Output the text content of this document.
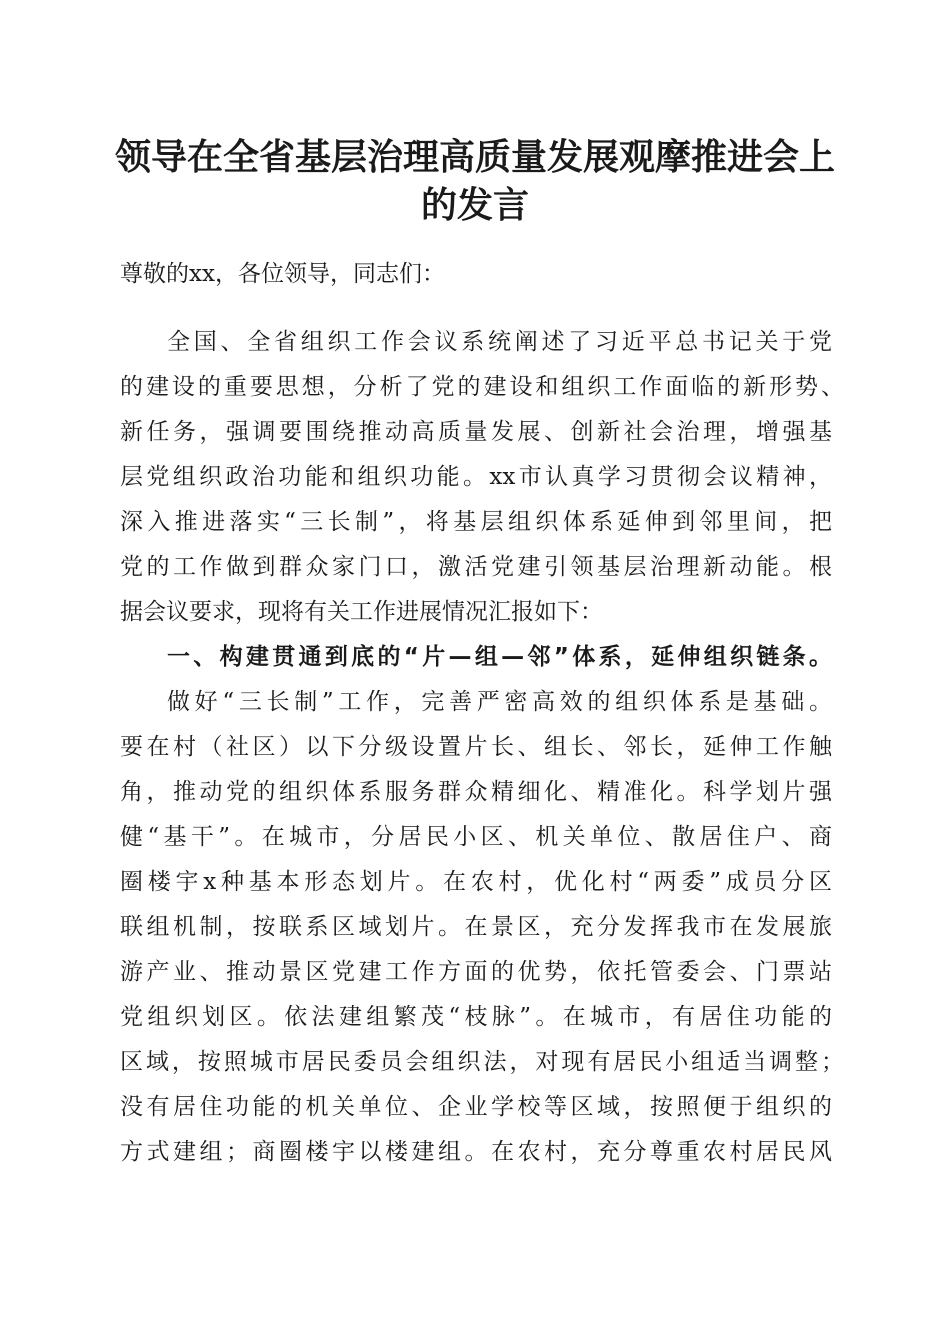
领导在全省基层治理高质量发展观摩推进会上
的发言
尊敬的xx，各位领导，同志们：
全国、全省组织工作会议系统阐述了习近平总书记关于党
的建设的重要思想，分析了党的建设和组织工作面临的新形势、
新任务，强调要围绕推动高质量发展、创新社会治理，增强基
层党组织政治功能和组织功能。xx市认真学习贯彻会议精神，
深入推进落实“三长制”，将基层组织体系延伸到邻里间，把
党的工作做到群众家门口，激活党建引领基层治理新动能。根
据会议要求，现将有关工作进展情况汇报如下：
一、构建贯通到底的“片—组—邻”体系，延伸组织链条。
做好“三长制”工作，完善严密高效的组织体系是基础。
要在村（社区）以下分级设置片长、组长、邻长，延伸工作触
角，推动党的组织体系服务群众精细化、精准化。科学划片强
健“基干”。在城市，分居民小区、机关单位、散居住户、商
圈楼宇x种基本形态划片。在农村，优化村“两委”成员分区
联组机制，按联系区域划片。在景区，充分发挥我市在发展旅
游产业、推动景区党建工作方面的优势，依托管委会、门票站
党组织划区。依法建组繁茂“枝脉”。在城市，有居住功能的
区域，按照城市居民委员会组织法，对现有居民小组适当调整；
没有居住功能的机关单位、企业学校等区域，按照便于组织的
方式建组；商圈楼宇以楼建组。在农村，充分尊重农村居民风
